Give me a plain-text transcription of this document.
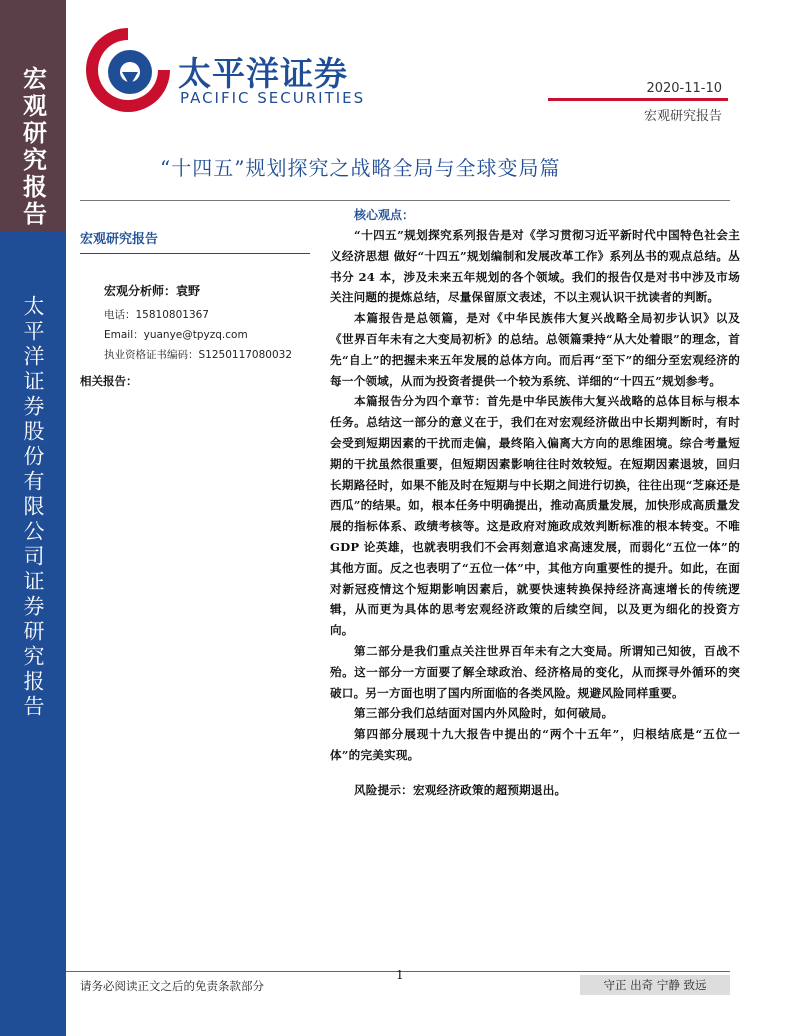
宏观研究报告
太平洋证券股份有限公司证券研究报告
太平洋证券
PACIFIC SECURITIES
2020-11-10
宏观研究报告
“十四五”规划探究之战略全局与全球变局篇
宏观研究报告
宏观分析师：袁野
电话：15810801367
Email：yuanye@tpyzq.com
执业资格证书编码：S1250117080032
相关报告：
核心观点：

“十四五”规划探究系列报告是对《学习贯彻习近平新时代中国特色社会主义经济思想 做好“十四五”规划编制和发展改革工作》系列丛书的观点总结。丛书分 24 本，涉及未来五年规划的各个领域。我们的报告仅是对书中涉及市场关注问题的提炼总结，尽量保留原文表述，不以主观认识干扰读者的判断。

本篇报告是总领篇，是对《中华民族伟大复兴战略全局初步认识》以及《世界百年未有之大变局初析》的总结。总领篇秉持“从大处着眼”的理念，首先“自上”的把握未来五年发展的总体方向。而后再“至下”的细分至宏观经济的每一个领域，从而为投资者提供一个较为系统、详细的“十四五”规划参考。

本篇报告分为四个章节：首先是中华民族伟大复兴战略的总体目标与根本任务。总结这一部分的意义在于，我们在对宏观经济做出中长期判断时，有时会受到短期因素的干扰而走偏，最终陷入偏离大方向的思维困境。综合考量短期的干扰虽然很重要，但短期因素影响往往时效较短。在短期因素退坡，回归长期路径时，如果不能及时在短期与中长期之间进行切换，往往出现“芝麻还是西瓜”的结果。如，根本任务中明确提出，推动高质量发展，加快形成高质量发展的指标体系、政绩考核等。这是政府对施政成效判断标准的根本转变。不唯 GDP 论英雄，也就表明我们不会再刻意追求高速发展，而弱化“五位一体”的其他方面。反之也表明了“五位一体”中，其他方向重要性的提升。如此，在面对新冠疫情这个短期影响因素后，就要快速转换保持经济高速增长的传统逻辑，从而更为具体的思考宏观经济政策的后续空间，以及更为细化的投资方向。

第二部分是我们重点关注世界百年未有之大变局。所谓知己知彼，百战不殆。这一部分一方面要了解全球政治、经济格局的变化，从而探寻外循环的突破口。另一方面也明了国内所面临的各类风险。规避风险同样重要。

第三部分我们总结面对国内外风险时，如何破局。

第四部分展现十九大报告中提出的“两个十五年”，归根结底是“五位一体”的完美实现。

风险提示：宏观经济政策的超预期退出。

1
请务必阅读正文之后的免责条款部分	守正 出奇 宁静 致远
